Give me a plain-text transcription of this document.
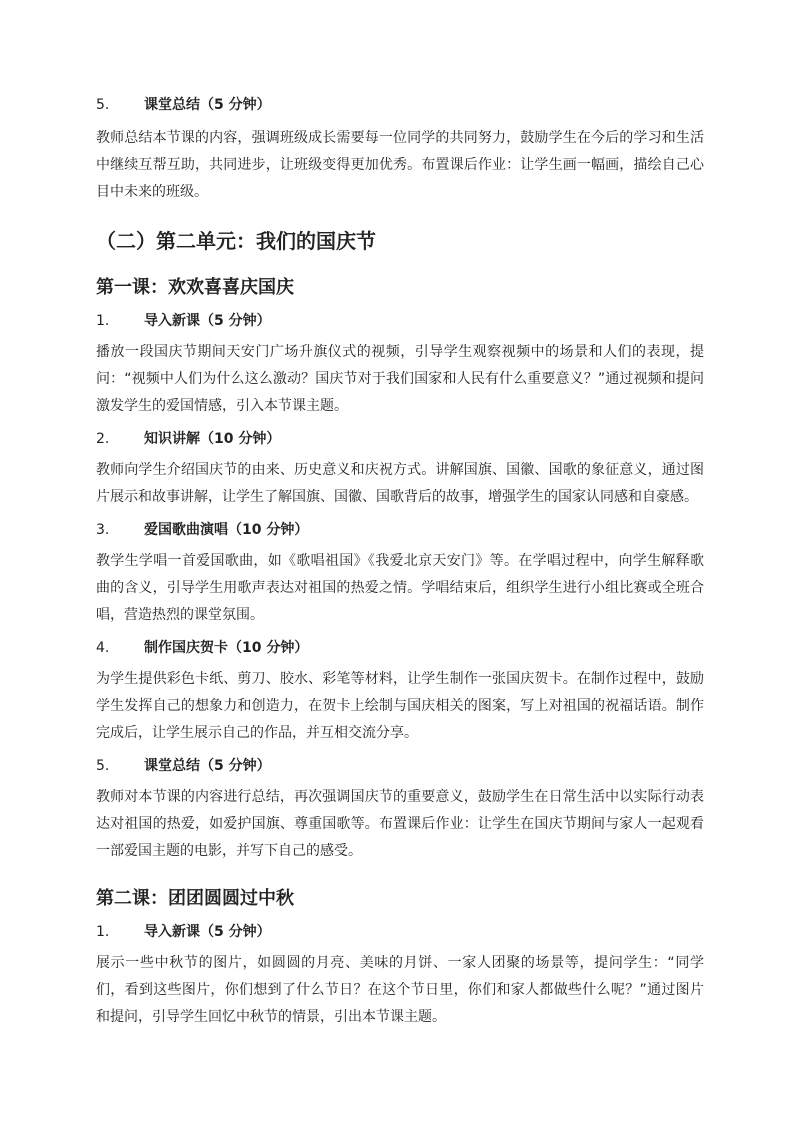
5.	课堂总结（5 分钟）

教师总结本节课的内容，强调班级成长需要每一位同学的共同努力，鼓励学生在今后的学习和生活中继续互帮互助，共同进步，让班级变得更加优秀。布置课后作业：让学生画一幅画，描绘自己心目中未来的班级。

（二）第二单元：我们的国庆节
第一课：欢欢喜喜庆国庆
1.	导入新课（5 分钟）

播放一段国庆节期间天安门广场升旗仪式的视频，引导学生观察视频中的场景和人们的表现，提问：“视频中人们为什么这么激动？国庆节对于我们国家和人民有什么重要意义？”通过视频和提问激发学生的爱国情感，引入本节课主题。

2.	知识讲解（10 分钟）

教师向学生介绍国庆节的由来、历史意义和庆祝方式。讲解国旗、国徽、国歌的象征意义，通过图片展示和故事讲解，让学生了解国旗、国徽、国歌背后的故事，增强学生的国家认同感和自豪感。

3.	爱国歌曲演唱（10 分钟）

教学生学唱一首爱国歌曲，如《歌唱祖国》《我爱北京天安门》等。在学唱过程中，向学生解释歌曲的含义，引导学生用歌声表达对祖国的热爱之情。学唱结束后，组织学生进行小组比赛或全班合唱，营造热烈的课堂氛围。

4.	制作国庆贺卡（10 分钟）

为学生提供彩色卡纸、剪刀、胶水、彩笔等材料，让学生制作一张国庆贺卡。在制作过程中，鼓励学生发挥自己的想象力和创造力，在贺卡上绘制与国庆相关的图案，写上对祖国的祝福话语。制作完成后，让学生展示自己的作品，并互相交流分享。

5.	课堂总结（5 分钟）

教师对本节课的内容进行总结，再次强调国庆节的重要意义，鼓励学生在日常生活中以实际行动表达对祖国的热爱，如爱护国旗、尊重国歌等。布置课后作业：让学生在国庆节期间与家人一起观看一部爱国主题的电影，并写下自己的感受。

第二课：团团圆圆过中秋
1.	导入新课（5 分钟）

展示一些中秋节的图片，如圆圆的月亮、美味的月饼、一家人团聚的场景等，提问学生：“同学们，看到这些图片，你们想到了什么节日？在这个节日里，你们和家人都做些什么呢？”通过图片和提问，引导学生回忆中秋节的情景，引出本节课主题。
